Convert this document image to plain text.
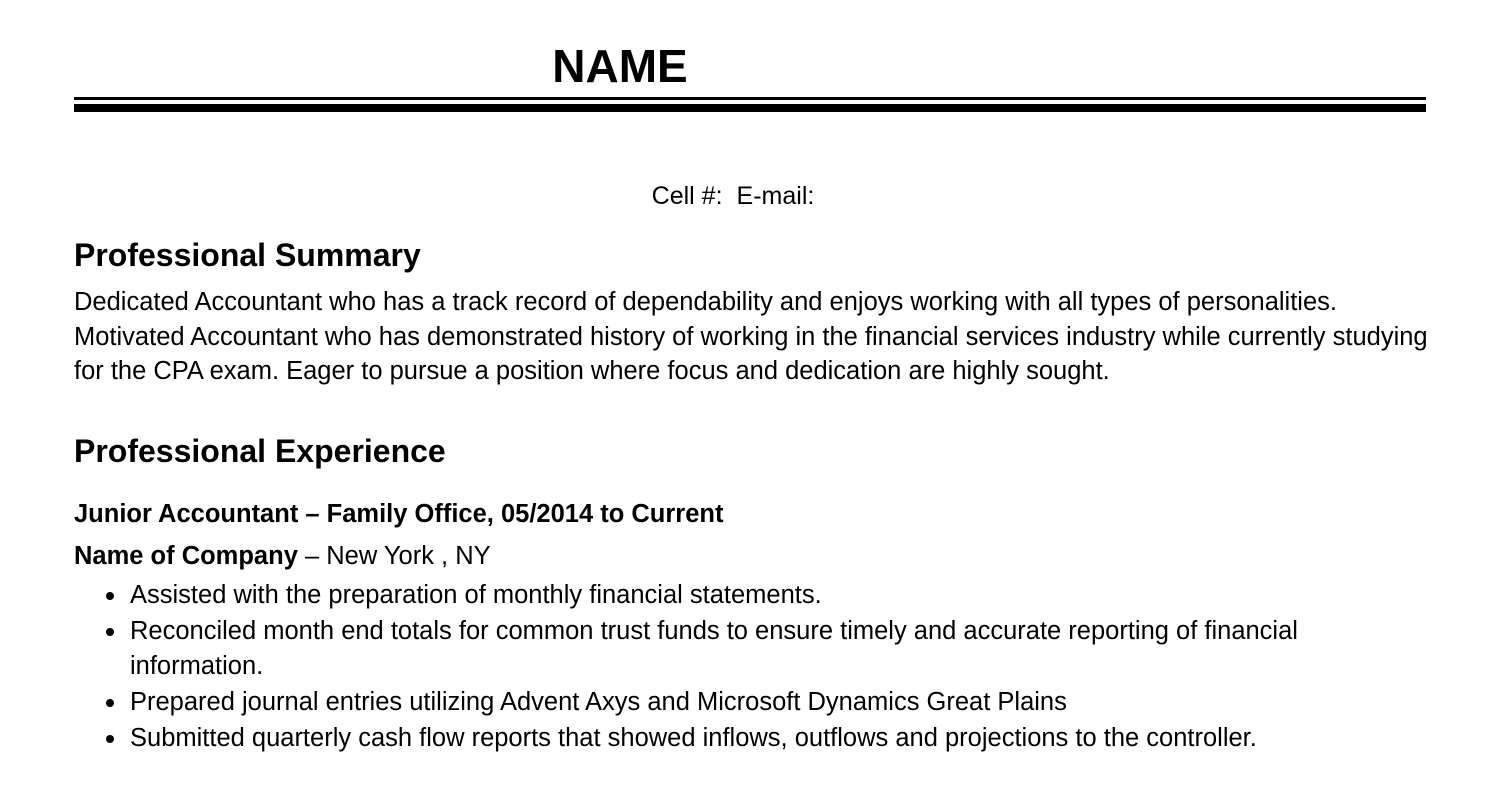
NAME
Cell #: E-mail:
Professional Summary
Dedicated Accountant who has a track record of dependability and enjoys working with all types of personalities. Motivated Accountant who has demonstrated history of working in the financial services industry while currently studying for the CPA exam. Eager to pursue a position where focus and dedication are highly sought.
Professional Experience
Junior Accountant – Family Office, 05/2014 to Current
Name of Company – New York , NY
Assisted with the preparation of monthly financial statements.
Reconciled month end totals for common trust funds to ensure timely and accurate reporting of financial information.
Prepared journal entries utilizing Advent Axys and Microsoft Dynamics Great Plains
Submitted quarterly cash flow reports that showed inflows, outflows and projections to the controller.
